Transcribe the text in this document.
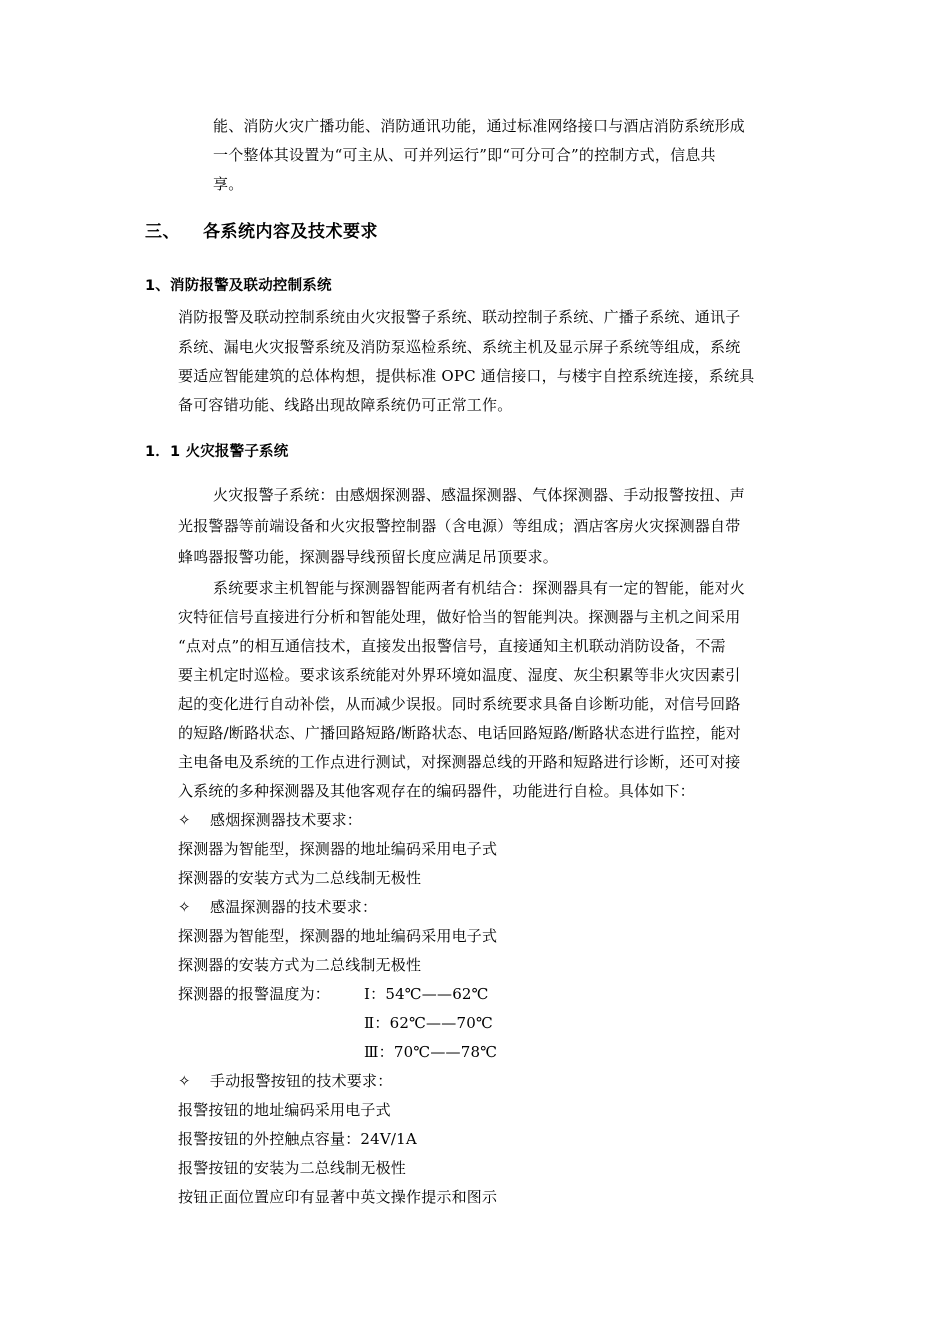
能、消防火灾广播功能、消防通讯功能，通过标准网络接口与酒店消防系统形成
一个整体其设置为“可主从、可并列运行”即“可分可合”的控制方式，信息共
享。
三、 各系统内容及技术要求
1、消防报警及联动控制系统
消防报警及联动控制系统由火灾报警子系统、联动控制子系统、广播子系统、通讯子
系统、漏电火灾报警系统及消防泵巡检系统、系统主机及显示屏子系统等组成，系统
要适应智能建筑的总体构想，提供标准 OPC 通信接口，与楼宇自控系统连接，系统具
备可容错功能、线路出现故障系统仍可正常工作。
1．1 火灾报警子系统
火灾报警子系统：由感烟探测器、感温探测器、气体探测器、手动报警按扭、声
光报警器等前端设备和火灾报警控制器（含电源）等组成；酒店客房火灾探测器自带
蜂鸣器报警功能，探测器导线预留长度应满足吊顶要求。
系统要求主机智能与探测器智能两者有机结合：探测器具有一定的智能，能对火
灾特征信号直接进行分析和智能处理，做好恰当的智能判决。探测器与主机之间采用
“点对点”的相互通信技术，直接发出报警信号，直接通知主机联动消防设备，不需
要主机定时巡检。要求该系统能对外界环境如温度、湿度、灰尘积累等非火灾因素引
起的变化进行自动补偿，从而减少误报。同时系统要求具备自诊断功能，对信号回路
的短路/断路状态、广播回路短路/断路状态、电话回路短路/断路状态进行监控，能对
主电备电及系统的工作点进行测试，对探测器总线的开路和短路进行诊断，还可对接
入系统的多种探测器及其他客观存在的编码器件，功能进行自检。具体如下：
✧ 感烟探测器技术要求：
探测器为智能型，探测器的地址编码采用电子式
探测器的安装方式为二总线制无极性
✧ 感温探测器的技术要求：
探测器为智能型，探测器的地址编码采用电子式
探测器的安装方式为二总线制无极性
探测器的报警温度为： Ⅰ：54℃——62℃
Ⅱ：62℃——70℃
Ⅲ：70℃——78℃
✧ 手动报警按钮的技术要求：
报警按钮的地址编码采用电子式
报警按钮的外控触点容量：24V/1A
报警按钮的安装为二总线制无极性
按钮正面位置应印有显著中英文操作提示和图示
